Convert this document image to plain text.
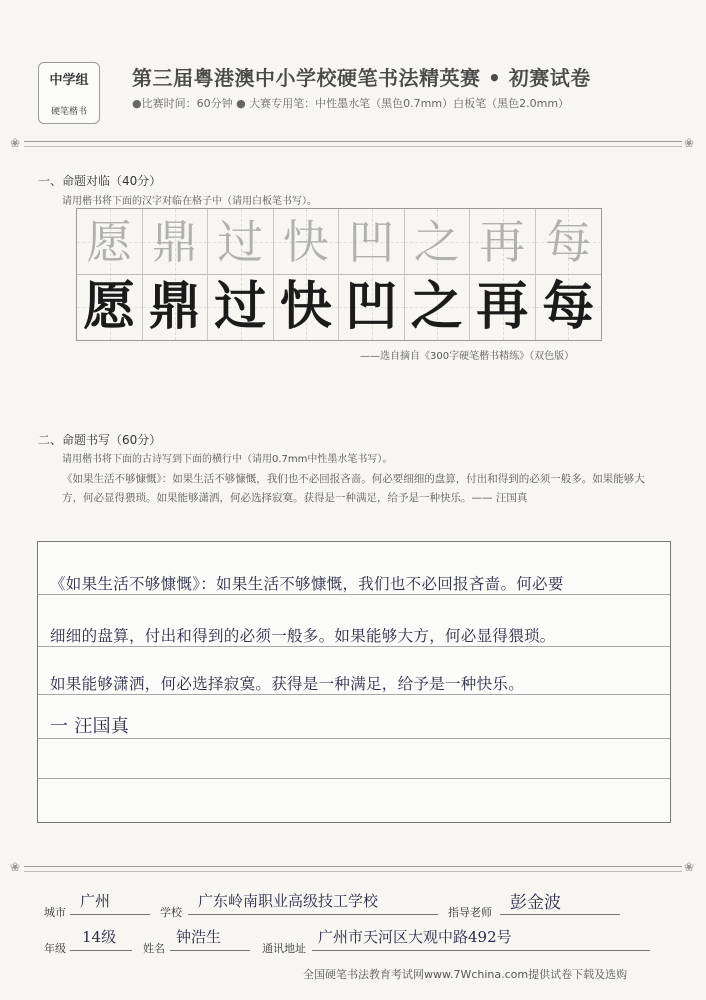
中学组
硬笔楷书
第三届粤港澳中小学校硬笔书法精英赛 • 初赛试卷
●比赛时间：60分钟 ● 大赛专用笔：中性墨水笔（黑色0.7mm）白板笔（黑色2.0mm）
❀	❀
一、命题对临（40分）
请用楷书将下面的汉字对临在格子中（请用白板笔书写）。
愿
愿
鼎
鼎
过
过
快
快
凹
凹
之
之
再
再
每
每
——选自摘自《300字硬笔楷书精练》（双色版）
二、命题书写（60分）
请用楷书将下面的古诗写到下面的横行中（请用0.7mm中性墨水笔书写）。
《如果生活不够慷慨》：如果生活不够慷慨，我们也不必回报吝啬。何必要细细的盘算，付出和得到的必须一般多。如果能够大方，何必显得猥琐。如果能够潇洒，何必选择寂寞。获得是一种满足，给予是一种快乐。—— 汪国真
《如果生活不够慷慨》：如果生活不够慷慨，我们也不必回报吝啬。何必要
细细的盘算，付出和得到的必须一般多。如果能够大方，何必显得猥琐。
如果能够潇洒，何必选择寂寞。获得是一种满足，给予是一种快乐。
一 汪国真
❀	❀
城市
广州
学校
广东岭南职业高级技工学校
指导老师 彭金波
年级
14级
姓名
钟浩生
通讯地址
广州市天河区大观中路492号
全国硬笔书法教育考试网www.7Wchina.com提供试卷下载及选购
